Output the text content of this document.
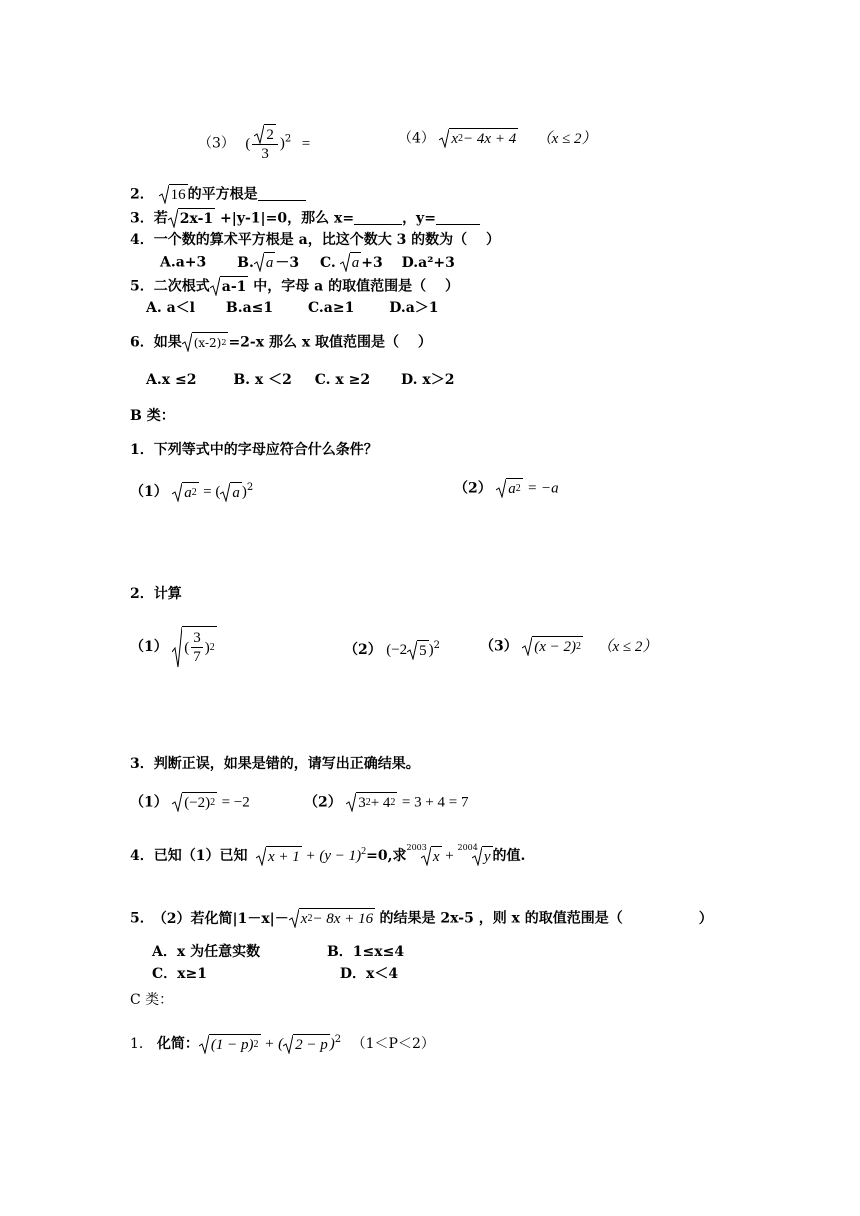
（3） ( $\frac{2}{3} )^2$ =	（4） x 2 − 4x + 4 （x ≤ 2）
2． 16 的平方根是
3．若 2x-1 +|y-1|=0，那么 x=	，y=
4．一个数的算术平方根是 a，比这个数大 3 的数为（　 ）
A.a+3 B. a －3 C. a +3 D.a²+3
5．二次根式 a-1 中，字母 a 的取值范围是（　 ）
A. a＜l B.a≤1 C.a≥1 D.a＞1
6．如果 (x-2) 2 =2-x 那么 x 取值范围是（　 ）
A.x ≤2	B. x ＜2 C. x ≥2 D. x＞2
B 类：
1．下列等式中的字母应符合什么条件？
（1） a 2 = ( a )$^2$	（2） a 2 = −a
2．计算
（1） ( $\frac{3}{7}$ ) 2	（2） (−2 5 )$^2$	（3） (x − 2) 2 （x ≤ 2）
3．判断正误，如果是错的，请写出正确结果。
（1） (−2) 2 = −2	（2） 3 2 + 4 2 = 3 + 4 = 7
4．已知（1）已知 $x + 1 + (y - 1)^2=0$,求$^{2003}$
x + $^{2004}$
y 的值.
5． （2）若化简|1－x|－ x 2 − 8x + 16 的结果是 2x-5 ，则 x 的取值范围是（	）
A．x 为任意实数	B．1≤x≤4
C．x≥1	D．x＜4
C 类：
1． 化简： (1 − p) 2 + ( 2 − p )$^2$ （1＜P＜2）
